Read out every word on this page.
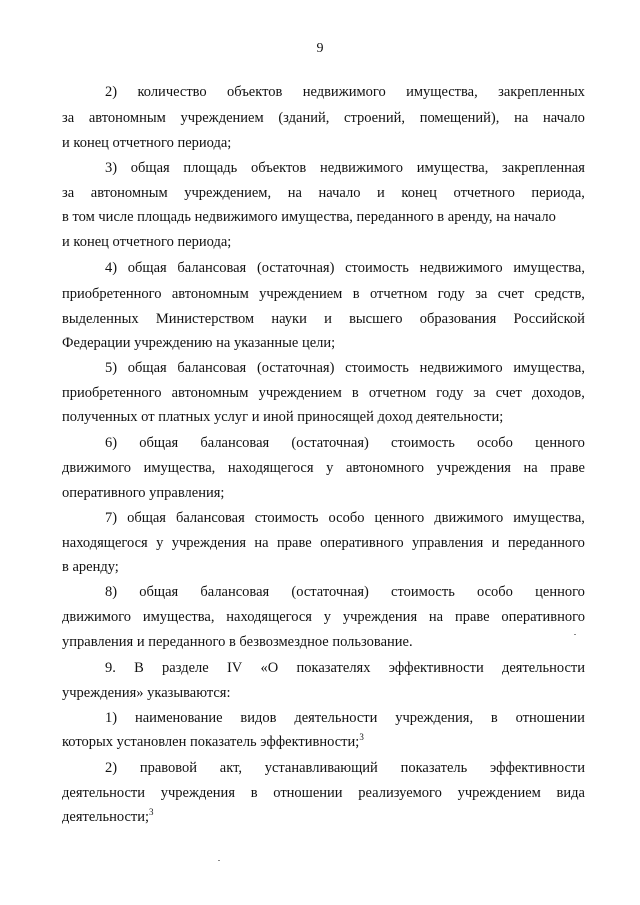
9
2) количество объектов недвижимого имущества, закрепленных
за автономным учреждением (зданий, строений, помещений), на начало
и конец отчетного периода;
3) общая площадь объектов недвижимого имущества, закрепленная
за автономным учреждением, на начало и конец отчетного периода,
в том числе площадь недвижимого имущества, переданного в аренду, на начало
и конец отчетного периода;
4) общая балансовая (остаточная) стоимость недвижимого имущества,
приобретенного автономным учреждением в отчетном году за счет средств,
выделенных Министерством науки и высшего образования Российской
Федерации учреждению на указанные цели;
5) общая балансовая (остаточная) стоимость недвижимого имущества,
приобретенного автономным учреждением в отчетном году за счет доходов,
полученных от платных услуг и иной приносящей доход деятельности;
6) общая балансовая (остаточная) стоимость особо ценного
движимого имущества, находящегося у автономного учреждения на праве
оперативного управления;
7) общая балансовая стоимость особо ценного движимого имущества,
находящегося у учреждения на праве оперативного управления и переданного
в аренду;
8) общая балансовая (остаточная) стоимость особо ценного
движимого имущества, находящегося у учреждения на праве оперативного
управления и переданного в безвозмездное пользование.
9. В разделе IV «О показателях эффективности деятельности
учреждения» указываются:
1) наименование видов деятельности учреждения, в отношении
которых установлен показатель эффективности;$^3$
2) правовой акт, устанавливающий показатель эффективности
деятельности учреждения в отношении реализуемого учреждением вида
деятельности;$^3$
